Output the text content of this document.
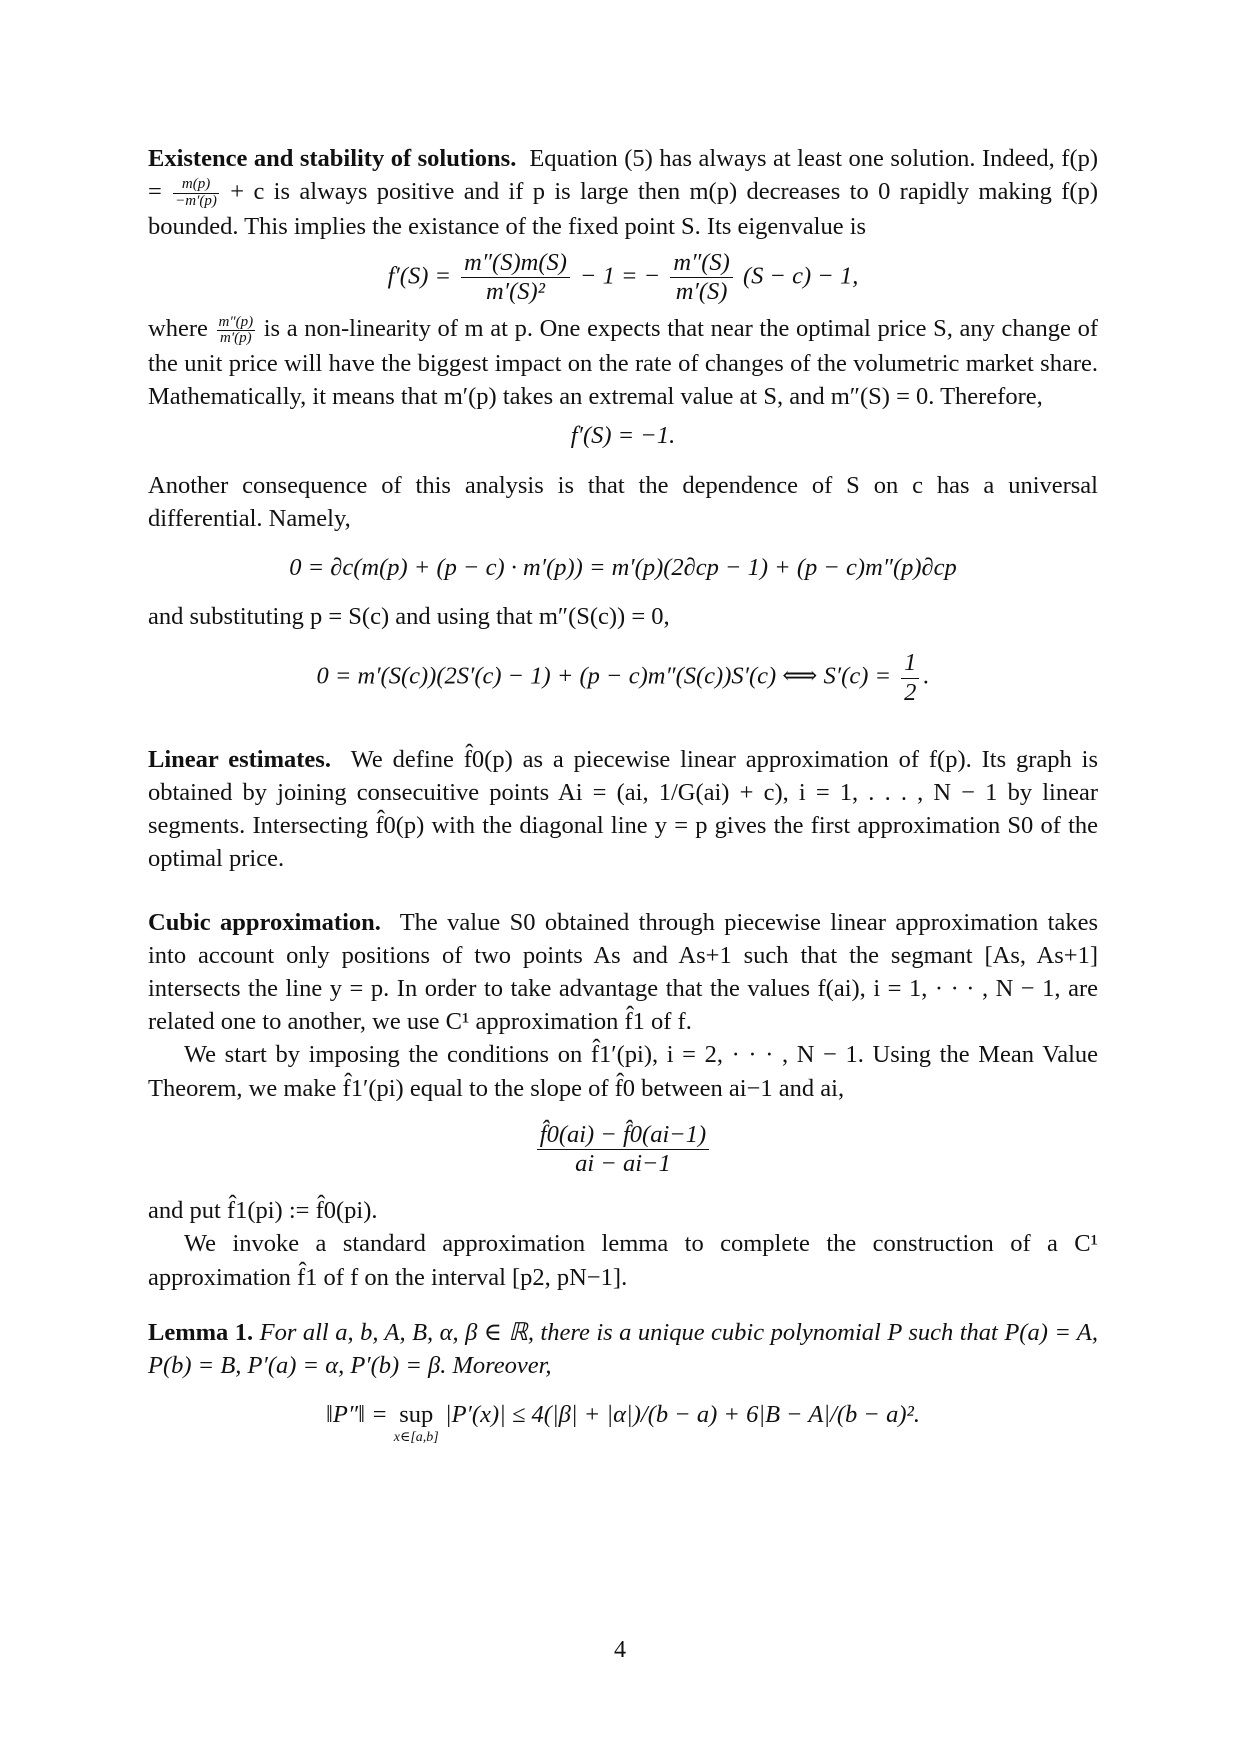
Existence and stability of solutions. Equation (5) has always at least one solution. Indeed, $f(p) = \frac{m(p)}{-m'(p)} + c$ is always positive and if p is large then m(p) decreases to 0 rapidly making f(p) bounded. This implies the existance of the fixed point S. Its eigenvalue is

$f'(S) = \frac{m''(S)m(S)}{\text{m′(S)²}} - 1$ = − $\frac{m''(S)}{m'(S)} (S - c) - 1$,

where $\frac{m''(p)}{m'(p)}$ is a non-linearity of m at p. One expects that near the optimal price S, any change of the unit price will have the biggest impact on the rate of changes of the volumetric market share. Mathematically, it means that m′(p) takes an extremal value at S, and m″(S) = 0. Therefore,

f′(S) = −1.

Another consequence of this analysis is that the dependence of S on c has a universal differential. Namely,

0 = ∂c(m(p) + (p − c) · m′(p)) = m′(p)(2∂cp − 1) + (p − c)m″(p)∂cp

and substituting p = S(c) and using that m″(S(c)) = 0,

0 = m′(S(c))(2S′(c) − 1) + (p − c)m″(S(c))S′(c) ⟺ $S'(c) = \frac{1}{2}$ .

Linear estimates. We define f̂0(p) as a piecewise linear approximation of f(p). Its graph is obtained by joining consecuitive points Ai = (ai, 1/G(ai) + c), i = 1, . . . , N − 1 by linear segments. Intersecting f̂0(p) with the diagonal line y = p gives the first approximation S0 of the optimal price.

Cubic approximation. The value S0 obtained through piecewise linear approximation takes into account only positions of two points As and As+1 such that the segmant [As, As+1] intersects the line y = p. In order to take advantage that the values f(ai), i = 1, · · · , N − 1, are related one to another, we use C¹ approximation f̂1 of f.

We start by imposing the conditions on f̂1′(pi), i = 2, · · · , N − 1. Using the Mean Value Theorem, we make f̂1′(pi) equal to the slope of f̂0 between ai−1 and ai,

$\frac{f̂0(ai) - f̂0(ai-1)}{ai - ai-1}$

and put f̂1(pi) := f̂0(pi).

We invoke a standard approximation lemma to complete the construction of a C¹ approximation f̂1 of f on the interval [p2, pN−1].

Lemma 1. For all a, b, A, B, α, β ∈ ℝ, there is a unique cubic polynomial P such that P(a) = A, P(b) = B, P′(a) = α, P′(b) = β. Moreover,

‖P″‖ = sup
x∈[a,b]
|P′(x)| ≤ 4(|β| + |α|)/(b − a) + 6|B − A|/(b − a)².
4
